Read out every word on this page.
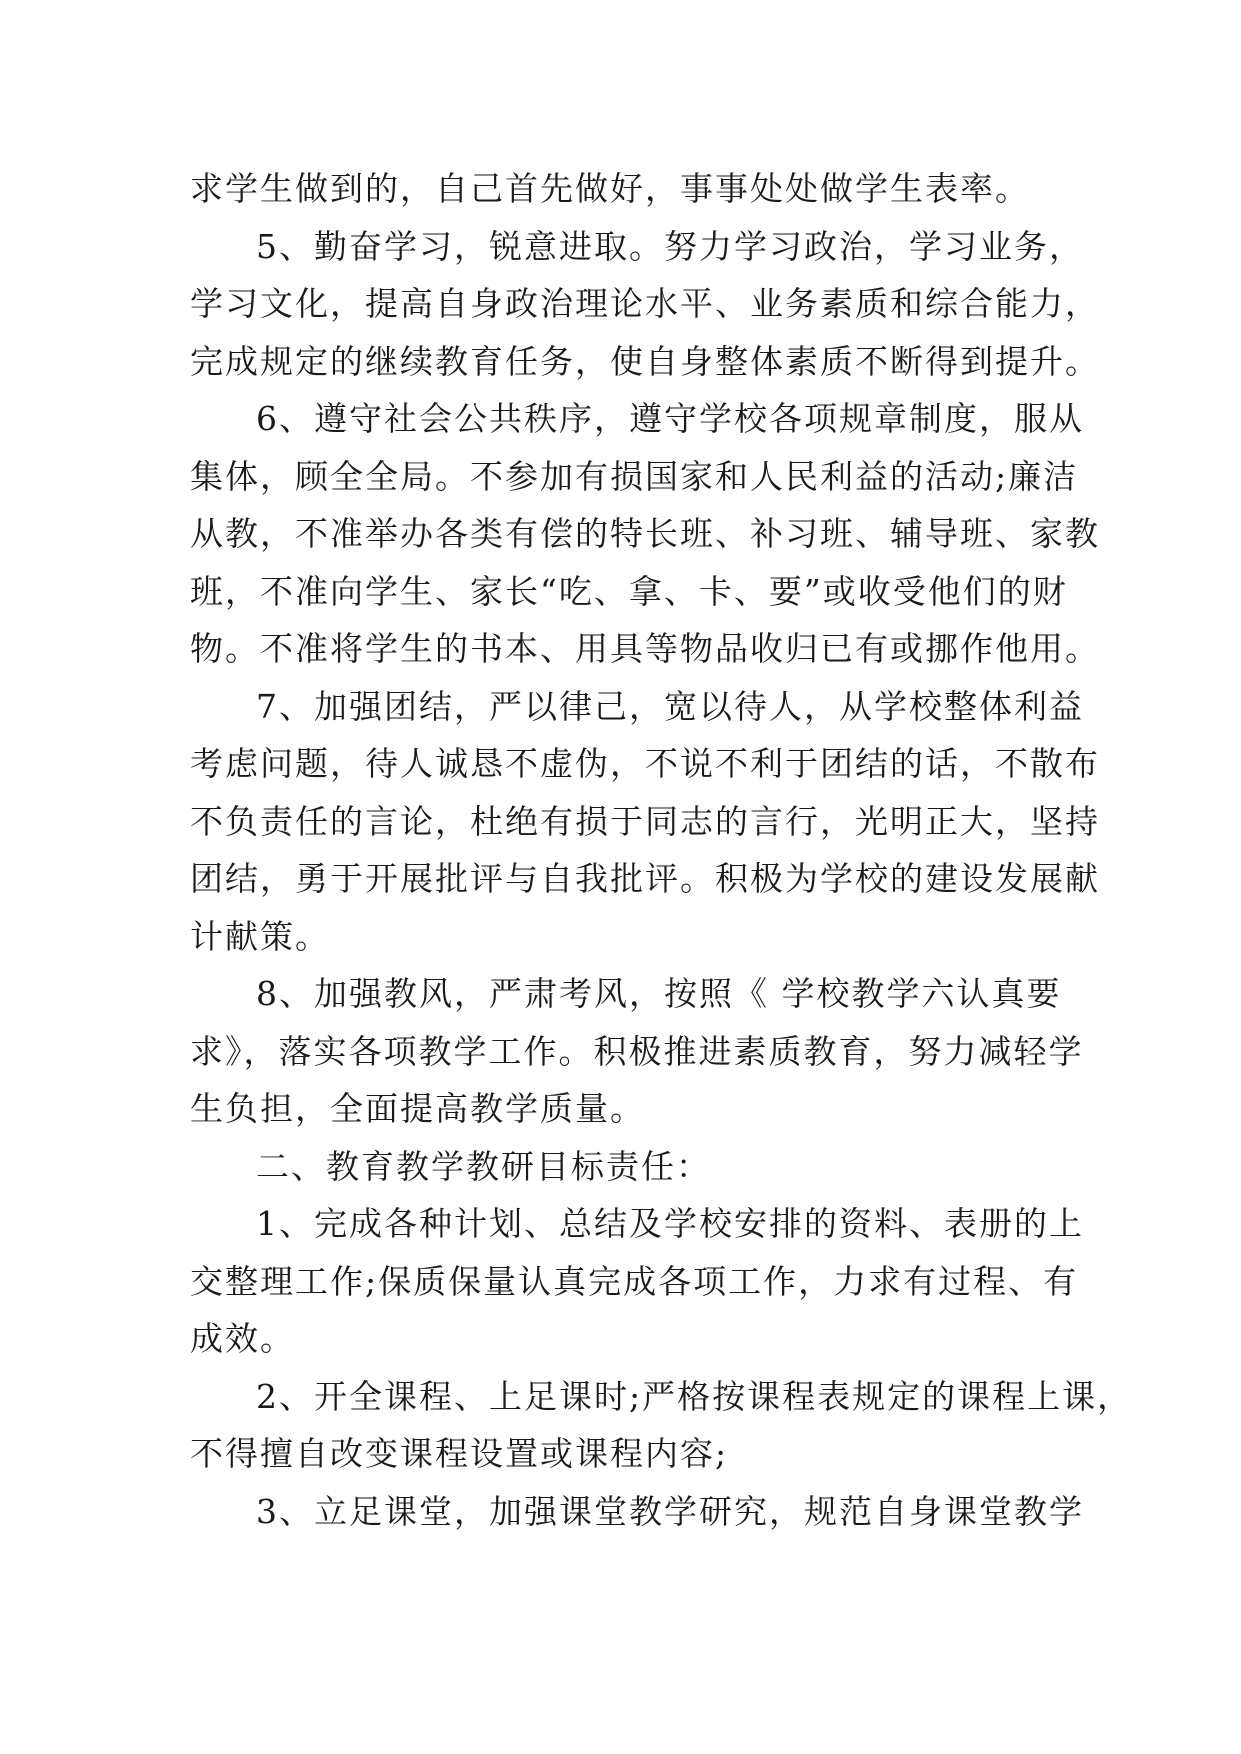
求学生做到的，自己首先做好，事事处处做学生表率。
5、勤奋学习，锐意进取。努力学习政治，学习业务，
学习文化，提高自身政治理论水平、业务素质和综合能力，
完成规定的继续教育任务，使自身整体素质不断得到提升。
6、遵守社会公共秩序，遵守学校各项规章制度，服从
集体，顾全全局。不参加有损国家和人民利益的活动;廉洁
从教，不准举办各类有偿的特长班、补习班、辅导班、家教
班，不准向学生、家长“吃、拿、卡、要”或收受他们的财
物。不准将学生的书本、用具等物品收归已有或挪作他用。
7、加强团结，严以律己，宽以待人，从学校整体利益
考虑问题，待人诚恳不虚伪，不说不利于团结的话，不散布
不负责任的言论，杜绝有损于同志的言行，光明正大，坚持
团结，勇于开展批评与自我批评。积极为学校的建设发展献
计献策。
8、加强教风，严肃考风，按照《 学校教学六认真要
求》，落实各项教学工作。积极推进素质教育，努力减轻学
生负担，全面提高教学质量。
二、教育教学教研目标责任：
1、完成各种计划、总结及学校安排的资料、表册的上
交整理工作;保质保量认真完成各项工作，力求有过程、有
成效。
2、开全课程、上足课时;严格按课程表规定的课程上课，
不得擅自改变课程设置或课程内容;
3、立足课堂，加强课堂教学研究，规范自身课堂教学
